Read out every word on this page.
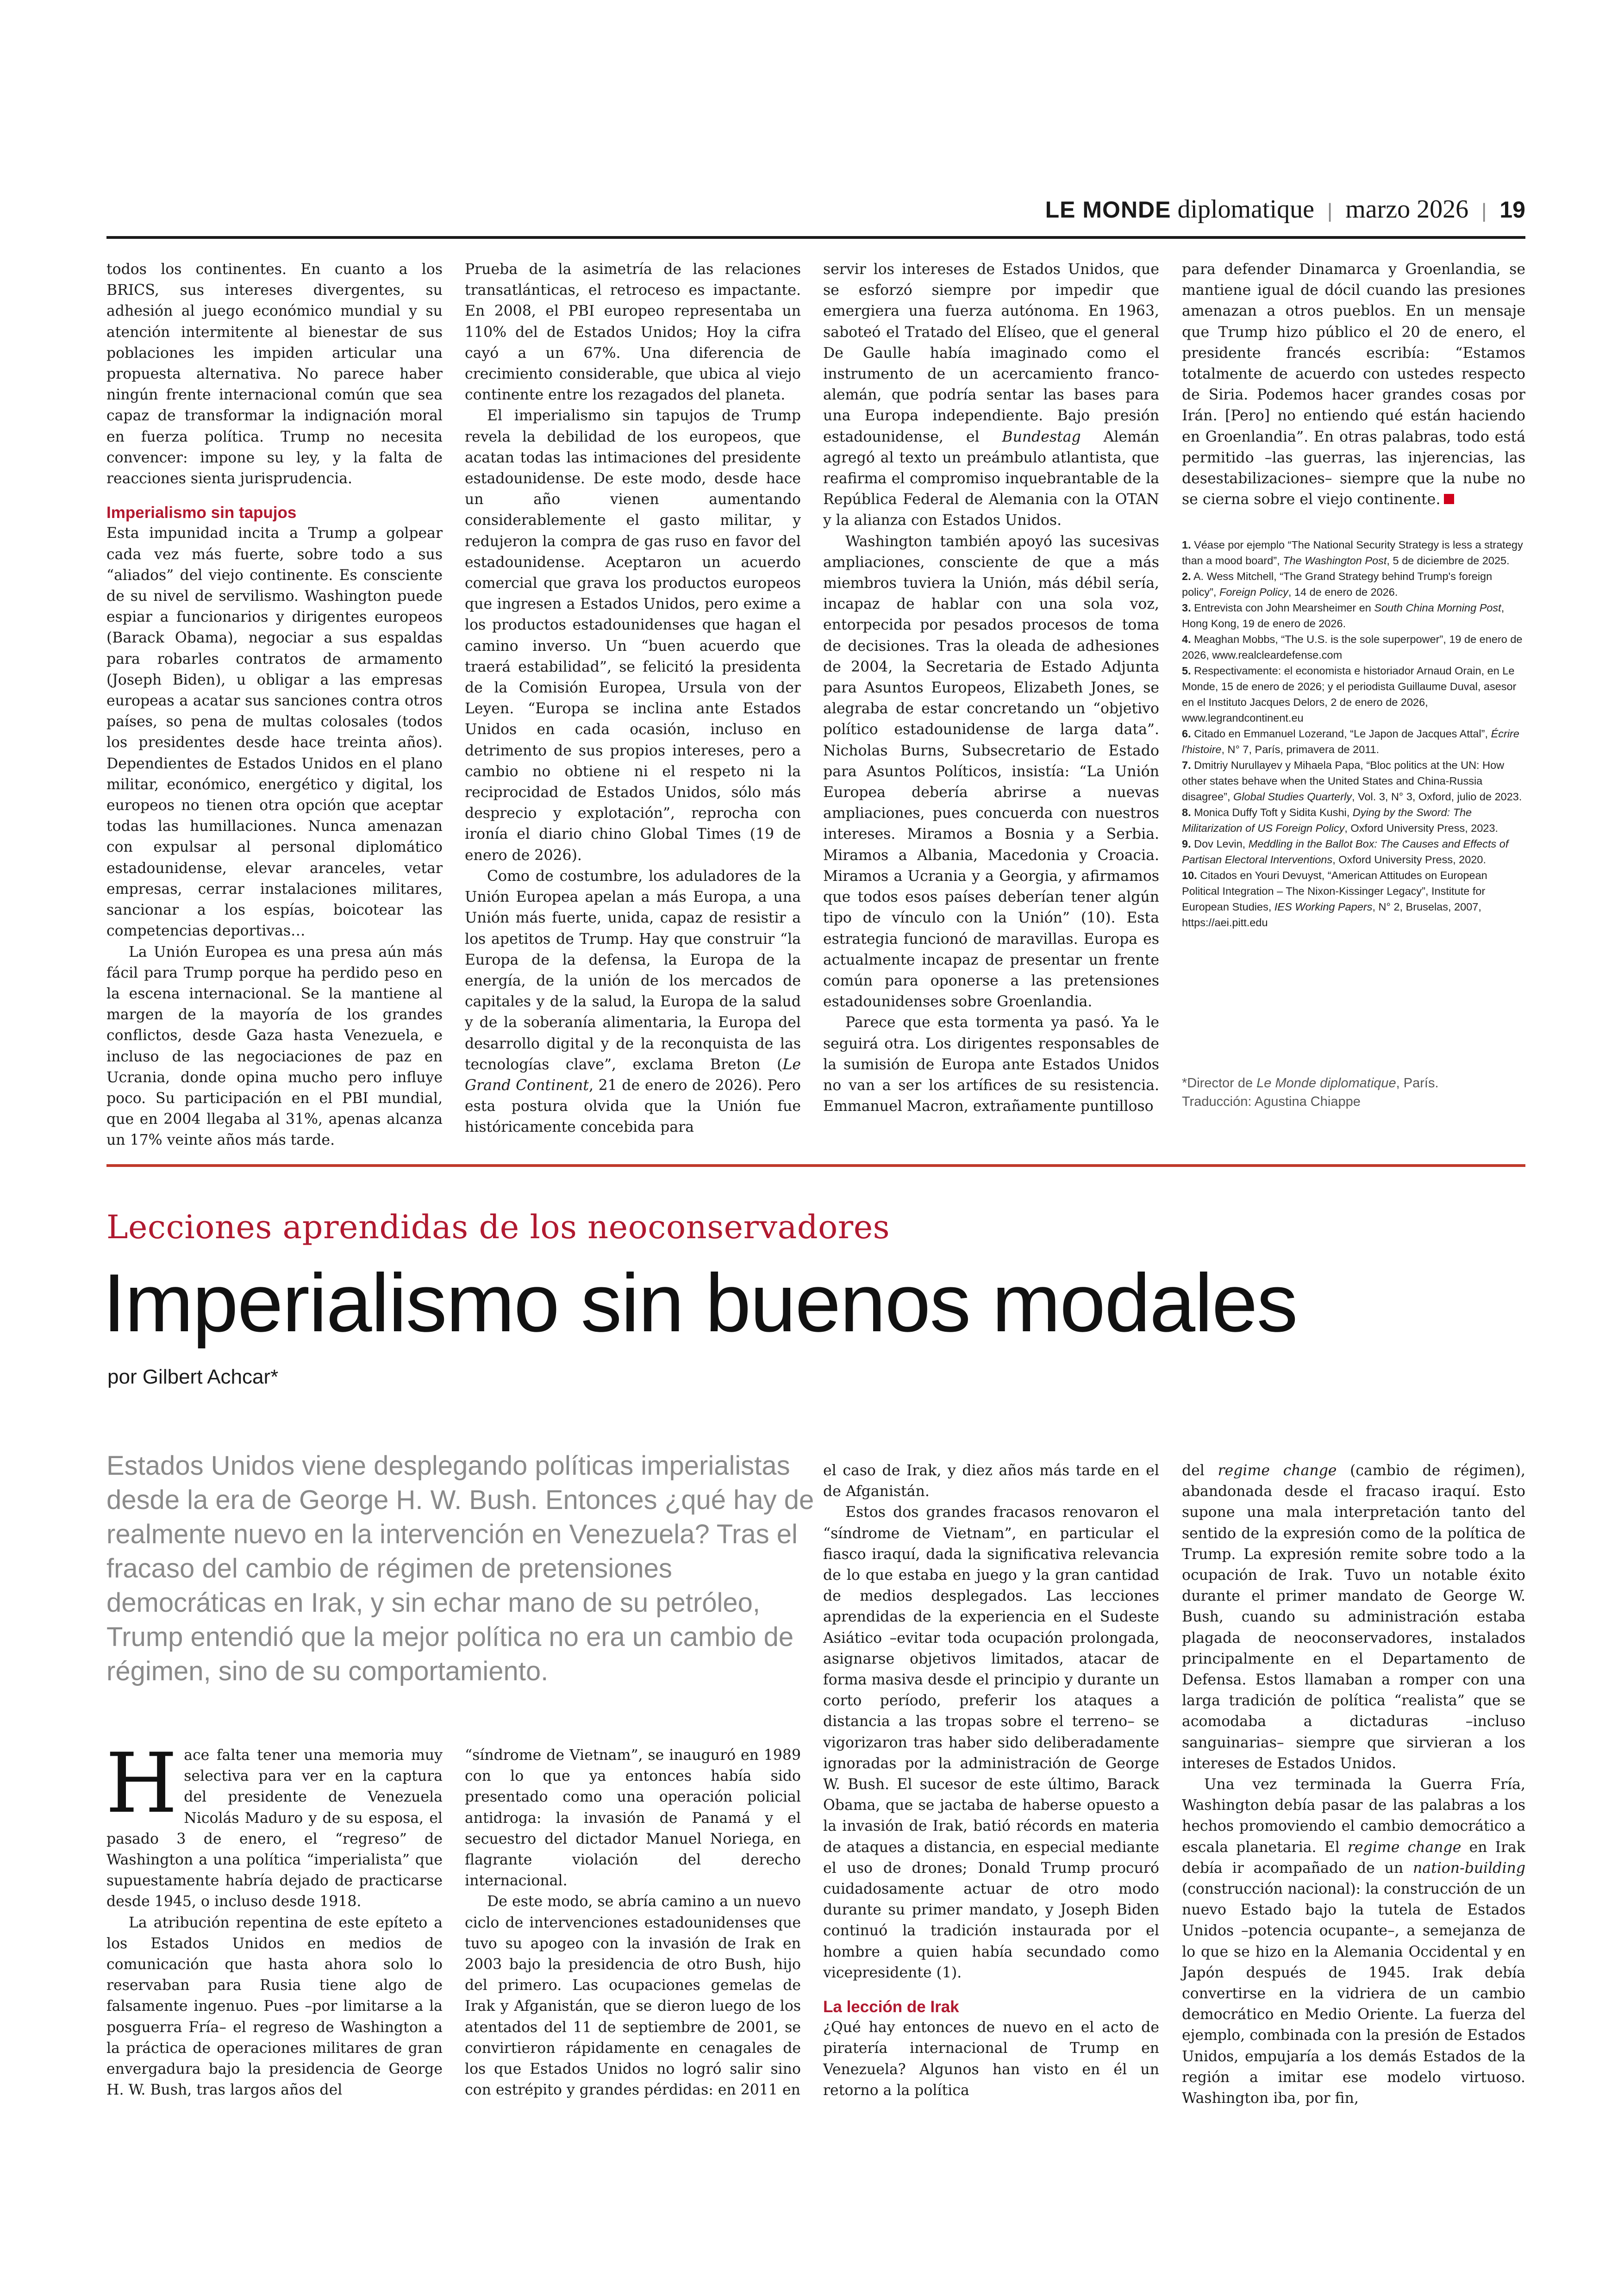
LE MONDE diplomatique | marzo 2026 | 19

todos los continentes. En cuanto a los BRICS, sus intereses divergentes, su adhesión al juego económico mundial y su atención intermitente al bienestar de sus poblaciones les impiden articular una propuesta alternativa. No parece haber ningún frente internacional común que sea capaz de transformar la indignación moral en fuerza política. Trump no necesita convencer: impone su ley, y la falta de reacciones sienta jurisprudencia.

Imperialismo sin tapujos

Esta impunidad incita a Trump a golpear cada vez más fuerte, sobre todo a sus “aliados” del viejo continente. Es consciente de su nivel de servilismo. Washington puede espiar a funcionarios y dirigentes europeos (Barack Obama), negociar a sus espaldas para robarles contratos de armamento (Joseph Biden), u obligar a las empresas europeas a acatar sus sanciones contra otros países, so pena de multas colosales (todos los presidentes desde hace treinta años). Dependientes de Estados Unidos en el plano militar, económico, energético y digital, los europeos no tienen otra opción que aceptar todas las humillaciones. Nunca amenazan con expulsar al personal diplomático estadounidense, elevar aranceles, vetar empresas, cerrar instalaciones militares, sancionar a los espías, boicotear las competencias deportivas…

La Unión Europea es una presa aún más fácil para Trump porque ha perdido peso en la escena internacional. Se la mantiene al margen de la mayoría de los grandes conflictos, desde Gaza hasta Venezuela, e incluso de las negociaciones de paz en Ucrania, donde opina mucho pero influye poco. Su participación en el PBI mundial, que en 2004 llegaba al 31%, apenas alcanza un 17% veinte años más tarde.

Prueba de la asimetría de las relaciones transatlánticas, el retroceso es impactante. En 2008, el PBI europeo representaba un 110% del de Estados Unidos; Hoy la cifra cayó a un 67%. Una diferencia de crecimiento considerable, que ubica al viejo continente entre los rezagados del planeta.

El imperialismo sin tapujos de Trump revela la debilidad de los europeos, que acatan todas las intimaciones del presidente estadounidense. De este modo, desde hace un año vienen aumentando considerablemente el gasto militar, y redujeron la compra de gas ruso en favor del estadounidense. Aceptaron un acuerdo comercial que grava los productos europeos que ingresen a Estados Unidos, pero exime a los productos estadounidenses que hagan el camino inverso. Un “buen acuerdo que traerá estabilidad”, se felicitó la presidenta de la Comisión Europea, Ursula von der Leyen. “Europa se inclina ante Estados Unidos en cada ocasión, incluso en detrimento de sus propios intereses, pero a cambio no obtiene ni el respeto ni la reciprocidad de Estados Unidos, sólo más desprecio y explotación”, reprocha con ironía el diario chino Global Times (19 de enero de 2026).

Como de costumbre, los aduladores de la Unión Europea apelan a más Europa, a una Unión más fuerte, unida, capaz de resistir a los apetitos de Trump. Hay que construir “la Europa de la defensa, la Europa de la energía, de la unión de los mercados de capitales y de la salud, la Europa de la salud y de la soberanía alimentaria, la Europa del desarrollo digital y de la reconquista de las tecnologías clave”, exclama Breton (Le Grand Continent, 21 de enero de 2026). Pero esta postura olvida que la Unión fue históricamente concebida para

servir los intereses de Estados Unidos, que se esforzó siempre por impedir que emergiera una fuerza autónoma. En 1963, saboteó el Tratado del Elíseo, que el general De Gaulle había imaginado como el instrumento de un acercamiento franco-alemán, que podría sentar las bases para una Europa independiente. Bajo presión estadounidense, el Bundestag Alemán agregó al texto un preámbulo atlantista, que reafirma el compromiso inquebrantable de la República Federal de Alemania con la OTAN y la alianza con Estados Unidos.

Washington también apoyó las sucesivas ampliaciones, consciente de que a más miembros tuviera la Unión, más débil sería, incapaz de hablar con una sola voz, entorpecida por pesados procesos de toma de decisiones. Tras la oleada de adhesiones de 2004, la Secretaria de Estado Adjunta para Asuntos Europeos, Elizabeth Jones, se alegraba de estar concretando un “objetivo político estadounidense de larga data”. Nicholas Burns, Subsecretario de Estado para Asuntos Políticos, insistía: “La Unión Europea debería abrirse a nuevas ampliaciones, pues concuerda con nuestros intereses. Miramos a Bosnia y a Serbia. Miramos a Albania, Macedonia y Croacia. Miramos a Ucrania y a Georgia, y afirmamos que todos esos países deberían tener algún tipo de vínculo con la Unión” (10). Esta estrategia funcionó de maravillas. Europa es actualmente incapaz de presentar un frente común para oponerse a las pretensiones estadounidenses sobre Groenlandia.

Parece que esta tormenta ya pasó. Ya le seguirá otra. Los dirigentes responsables de la sumisión de Europa ante Estados Unidos no van a ser los artífices de su resistencia. Emmanuel Macron, extrañamente puntilloso

para defender Dinamarca y Groenlandia, se mantiene igual de dócil cuando las presiones amenazan a otros pueblos. En un mensaje que Trump hizo público el 20 de enero, el presidente francés escribía: “Estamos totalmente de acuerdo con ustedes respecto de Siria. Podemos hacer grandes cosas por Irán. [Pero] no entiendo qué están haciendo en Groenlandia”. En otras palabras, todo está permitido –las guerras, las injerencias, las desestabilizaciones– siempre que la nube no se cierna sobre el viejo continente.

1. Véase por ejemplo “The National Security Strategy is less a strategy than a mood board”, The Washington Post, 5 de diciembre de 2025.

2. A. Wess Mitchell, “The Grand Strategy behind Trump's foreign policy”, Foreign Policy, 14 de enero de 2026.

3. Entrevista con John Mearsheimer en South China Morning Post, Hong Kong, 19 de enero de 2026.

4. Meaghan Mobbs, “The U.S. is the sole superpower”, 19 de enero de 2026, www.realcleardefense.com

5. Respectivamente: el economista e historiador Arnaud Orain, en Le Monde, 15 de enero de 2026; y el periodista Guillaume Duval, asesor en el Instituto Jacques Delors, 2 de enero de 2026, www.legrandcontinent.eu

6. Citado en Emmanuel Lozerand, “Le Japon de Jacques Attal”, Écrire l'histoire, N° 7, París, primavera de 2011.

7. Dmitriy Nurullayev y Mihaela Papa, “Bloc politics at the UN: How other states behave when the United States and China-Russia disagree”, Global Studies Quarterly, Vol. 3, N° 3, Oxford, julio de 2023.

8. Monica Duffy Toft y Sidita Kushi, Dying by the Sword: The Militarization of US Foreign Policy, Oxford University Press, 2023.

9. Dov Levin, Meddling in the Ballot Box: The Causes and Effects of Partisan Electoral Interventions, Oxford University Press, 2020.

10. Citados en Youri Devuyst, “American Attitudes on European Political Integration – The Nixon-Kissinger Legacy”, Institute for European Studies, IES Working Papers, N° 2, Bruselas, 2007, https://aei.pitt.edu

*Director de Le Monde diplomatique, París.
Traducción: Agustina Chiappe
Lecciones aprendidas de los neoconservadores
Imperialismo sin buenos modales
por Gilbert Achcar*
Estados Unidos viene desplegando políticas imperialistas desde la era de George H. W. Bush. Entonces ¿qué hay de realmente nuevo en la intervención en Venezuela? Tras el fracaso del cambio de régimen de pretensiones democráticas en Irak, y sin echar mano de su petróleo, Trump entendió que la mejor política no era un cambio de régimen, sino de su comportamiento.

Hace falta tener una memoria muy selectiva para ver en la captura del presidente de Venezuela Nicolás Maduro y de su esposa, el pasado 3 de enero, el “regreso” de Washington a una política “imperialista” que supuestamente habría dejado de practicarse desde 1945, o incluso desde 1918.

La atribución repentina de este epíteto a los Estados Unidos en medios de comunicación que hasta ahora solo lo reservaban para Rusia tiene algo de falsamente ingenuo. Pues –por limitarse a la posguerra Fría– el regreso de Washington a la práctica de operaciones militares de gran envergadura bajo la presidencia de George H. W. Bush, tras largos años del

“síndrome de Vietnam”, se inauguró en 1989 con lo que ya entonces había sido presentado como una operación policial antidroga: la invasión de Panamá y el secuestro del dictador Manuel Noriega, en flagrante violación del derecho internacional.

De este modo, se abría camino a un nuevo ciclo de intervenciones estadounidenses que tuvo su apogeo con la invasión de Irak en 2003 bajo la presidencia de otro Bush, hijo del primero. Las ocupaciones gemelas de Irak y Afganistán, que se dieron luego de los atentados del 11 de septiembre de 2001, se convirtieron rápidamente en cenagales de los que Estados Unidos no logró salir sino con estrépito y grandes pérdidas: en 2011 en

el caso de Irak, y diez años más tarde en el de Afganistán.

Estos dos grandes fracasos renovaron el “síndrome de Vietnam”, en particular el fiasco iraquí, dada la significativa relevancia de lo que estaba en juego y la gran cantidad de medios desplegados. Las lecciones aprendidas de la experiencia en el Sudeste Asiático –evitar toda ocupación prolongada, asignarse objetivos limitados, atacar de forma masiva desde el principio y durante un corto período, preferir los ataques a distancia a las tropas sobre el terreno– se vigorizaron tras haber sido deliberadamente ignoradas por la administración de George W. Bush. El sucesor de este último, Barack Obama, que se jactaba de haberse opuesto a la invasión de Irak, batió récords en materia de ataques a distancia, en especial mediante el uso de drones; Donald Trump procuró cuidadosamente actuar de otro modo durante su primer mandato, y Joseph Biden continuó la tradición instaurada por el hombre a quien había secundado como vicepresidente (1).

La lección de Irak

¿Qué hay entonces de nuevo en el acto de piratería internacional de Trump en Venezuela? Algunos han visto en él un retorno a la política

del regime change (cambio de régimen), abandonada desde el fracaso iraquí. Esto supone una mala interpretación tanto del sentido de la expresión como de la política de Trump. La expresión remite sobre todo a la ocupación de Irak. Tuvo un notable éxito durante el primer mandato de George W. Bush, cuando su administración estaba plagada de neoconservadores, instalados principalmente en el Departamento de Defensa. Estos llamaban a romper con una larga tradición de política “realista” que se acomodaba a dictaduras –incluso sanguinarias– siempre que sirvieran a los intereses de Estados Unidos.

Una vez terminada la Guerra Fría, Washington debía pasar de las palabras a los hechos promoviendo el cambio democrático a escala planetaria. El regime change en Irak debía ir acompañado de un nation-building (construcción nacional): la construcción de un nuevo Estado bajo la tutela de Estados Unidos –potencia ocupante–, a semejanza de lo que se hizo en la Alemania Occidental y en Japón después de 1945. Irak debía convertirse en la vidriera de un cambio democrático en Medio Oriente. La fuerza del ejemplo, combinada con la presión de Estados Unidos, empujaría a los demás Estados de la región a imitar ese modelo virtuoso. Washington iba, por fin,
